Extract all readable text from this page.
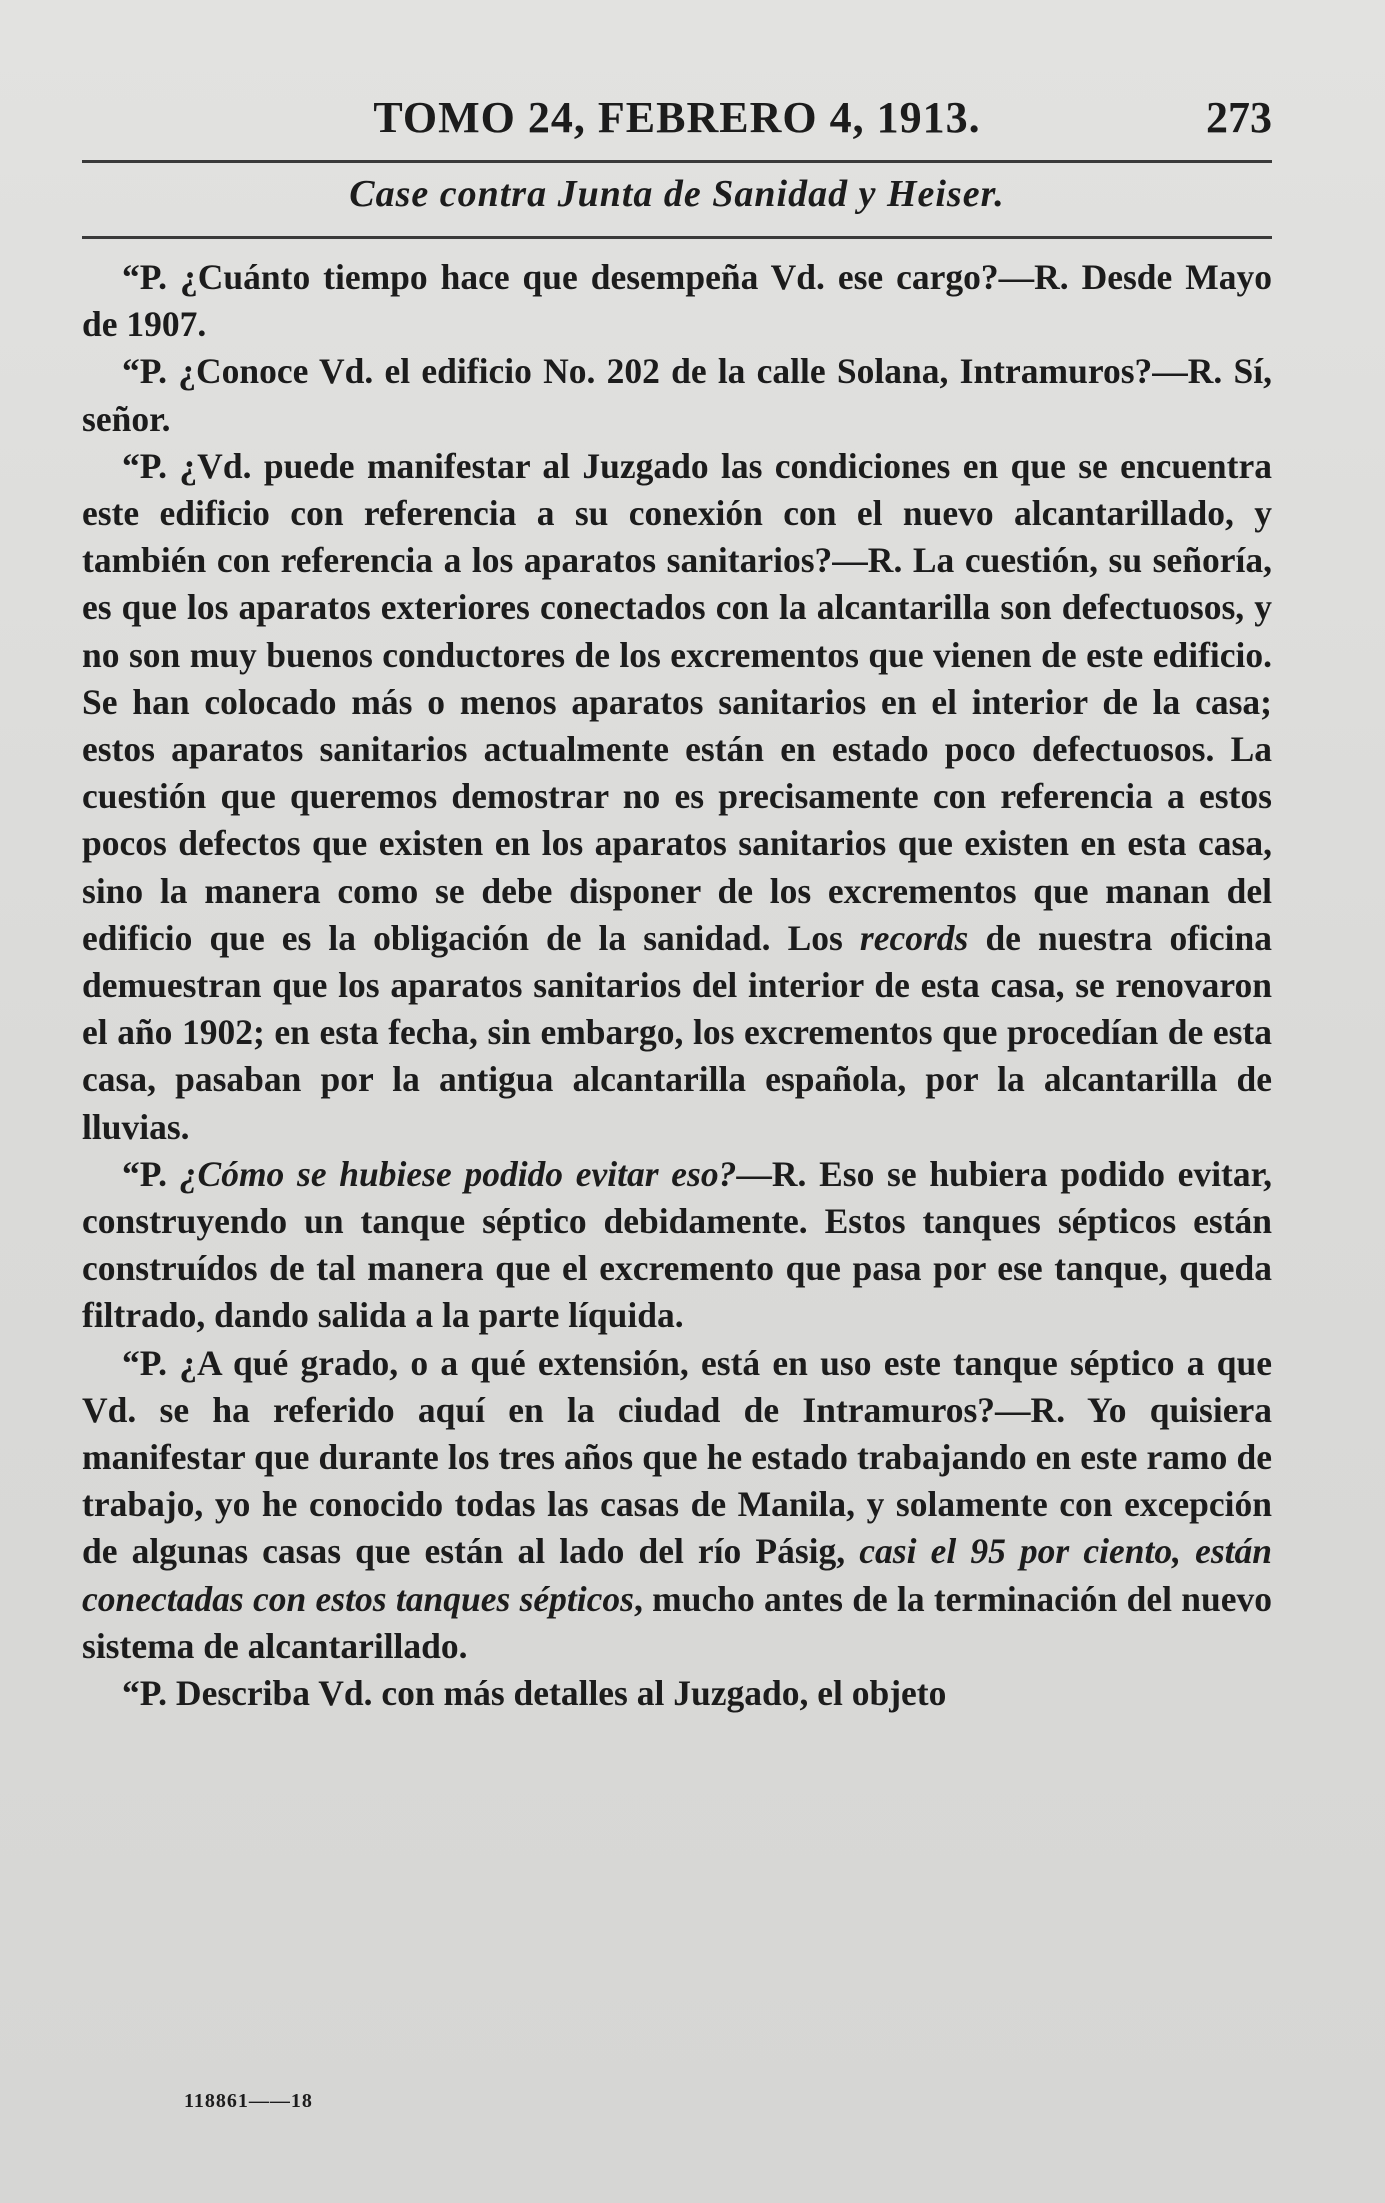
TOMO 24, FEBRERO 4, 1913.	273
Case contra Junta de Sanidad y Heiser.

“P. ¿Cuánto tiempo hace que desempeña Vd. ese cargo?—R. Desde Mayo de 1907.

“P. ¿Conoce Vd. el edificio No. 202 de la calle Solana, Intramuros?—R. Sí, señor.

“P. ¿Vd. puede manifestar al Juzgado las condiciones en que se encuentra este edificio con referencia a su conexión con el nuevo alcantarillado, y también con referencia a los aparatos sanitarios?—R. La cuestión, su señoría, es que los aparatos exteriores conectados con la alcantarilla son defectuosos, y no son muy buenos conductores de los excrementos que vienen de este edificio. Se han colocado más o menos aparatos sanitarios en el interior de la casa; estos aparatos sanitarios actualmente están en estado poco defectuosos. La cuestión que queremos demostrar no es precisamente con referencia a estos pocos defectos que existen en los aparatos sanitarios que existen en esta casa, sino la manera como se debe disponer de los excrementos que manan del edificio que es la obligación de la sanidad. Los records de nuestra oficina demuestran que los aparatos sanitarios del interior de esta casa, se renovaron el año 1902; en esta fecha, sin embargo, los excrementos que procedían de esta casa, pasaban por la antigua alcantarilla española, por la alcantarilla de lluvias.

“P. ¿Cómo se hubiese podido evitar eso?—R. Eso se hubiera podido evitar, construyendo un tanque séptico debidamente. Estos tanques sépticos están construídos de tal manera que el excremento que pasa por ese tanque, queda filtrado, dando salida a la parte líquida.

“P. ¿A qué grado, o a qué extensión, está en uso este tanque séptico a que Vd. se ha referido aquí en la ciudad de Intramuros?—R. Yo quisiera manifestar que durante los tres años que he estado trabajando en este ramo de trabajo, yo he conocido todas las casas de Manila, y solamente con excepción de algunas casas que están al lado del río Pásig, casi el 95 por ciento, están conectadas con estos tanques sépticos, mucho antes de la terminación del nuevo sistema de alcantarillado.

“P. Describa Vd. con más detalles al Juzgado, el objeto

118861——18
